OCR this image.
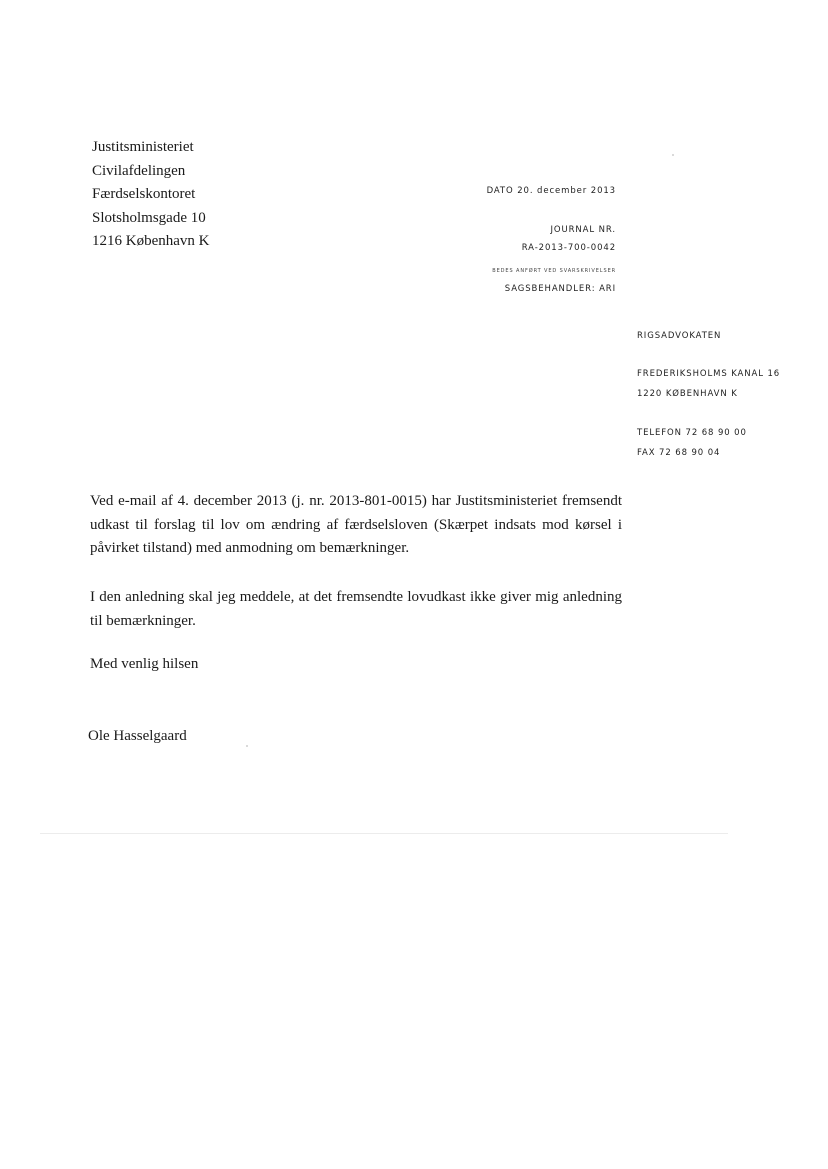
Justitsministeriet
Civilafdelingen
Færdselskontoret
Slotsholmsgade 10
1216 København K
DATO 20. december 2013
JOURNAL NR.
RA-2013-700-0042
BEDES ANFØRT VED SVARSKRIVELSER
SAGSBEHANDLER: ARI
RIGSADVOKATEN
FREDERIKSHOLMS KANAL 16
1220 KØBENHAVN K
TELEFON 72 68 90 00
FAX 72 68 90 04
Ved e-mail af 4. december 2013 (j. nr. 2013-801-0015) har Justitsministeriet fremsendt udkast til forslag til lov om ændring af færdselsloven (Skærpet indsats mod kørsel i påvirket tilstand) med anmodning om bemærkninger.
I den anledning skal jeg meddele, at det fremsendte lovudkast ikke giver mig anledning til bemærkninger.
Med venlig hilsen
Ole Hasselgaard
